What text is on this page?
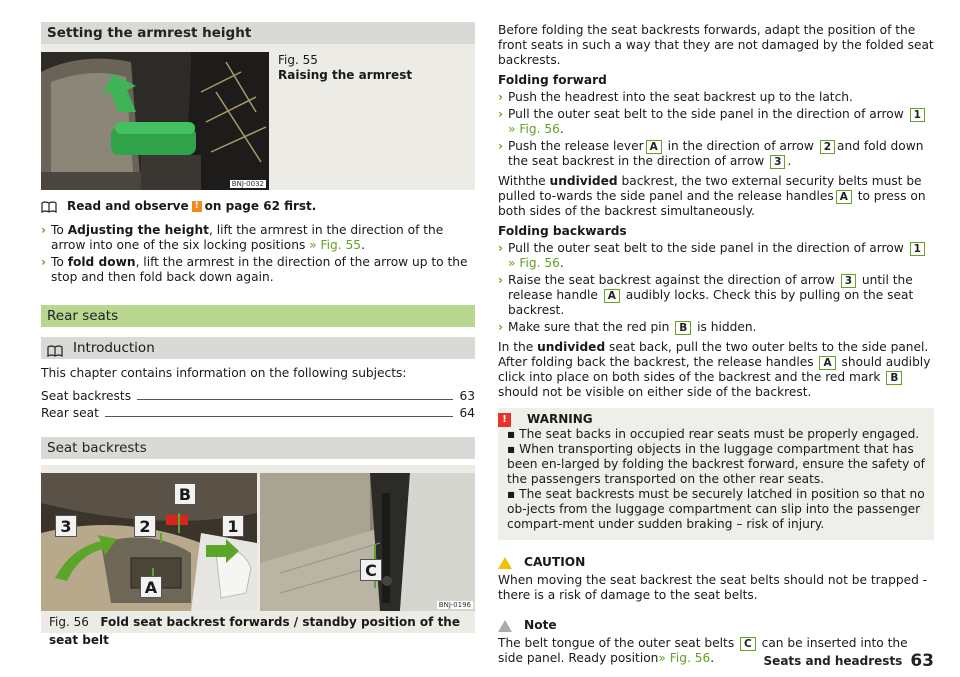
Setting the armrest height
BNJ-0032
Fig. 55
Raising the armrest
Read and observe ! on page 62 first.
› To Adjusting the height, lift the armrest in the direction of the arrow into one of the six locking positions » Fig. 55.
› To fold down, lift the armrest in the direction of the arrow up to the stop and then fold back down again.
Rear seats
Introduction

This chapter contains information on the following subjects:

Seat backrests	63
Rear seat	64
Seat backrests
3	2	1
B
A
C
BNJ-0196
Fig. 56 Fold seat backrest forwards / standby position of the seat belt

Before folding the seat backrests forwards, adapt the position of the front seats in such a way that they are not damaged by the folded seat backrests.

Folding forward

› Push the headrest into the seat backrest up to the latch.
› Pull the outer seat belt to the side panel in the direction of arrow 1
» Fig. 56.
› Push the release lever A in the direction of arrow 2 and fold down the seat backrest in the direction of arrow 3 .

Withthe undivided backrest, the two external security belts must be pulled to-wards the side panel and the release handles A to press on both sides of the backrest simultaneously.

Folding backwards

› Pull the outer seat belt to the side panel in the direction of arrow 1
» Fig. 56.
› Raise the seat backrest against the direction of arrow 3 until the release handle A audibly locks. Check this by pulling on the seat backrest.
› Make sure that the red pin B is hidden.

In the undivided seat back, pull the two outer belts to the side panel. After folding back the backrest, the release handles A should audibly click into place on both sides of the backrest and the red mark B should not be visible on either side of the backrest.

!	WARNING
▪ The seat backs in occupied rear seats must be properly engaged.
▪ When transporting objects in the luggage compartment that has been en-larged by folding the backrest forward, ensure the safety of the passengers transported on the other rear seats.
▪ The seat backrests must be securely latched in position so that no ob-jects from the luggage compartment can slip into the passenger compart-ment under sudden braking – risk of injury.
CAUTION

When moving the seat backrest the seat belts should not be trapped - there is a risk of damage to the seat belts.

Note

The belt tongue of the outer seat belts C can be inserted into the side panel. Ready position» Fig. 56.	Seats and headrests 63
